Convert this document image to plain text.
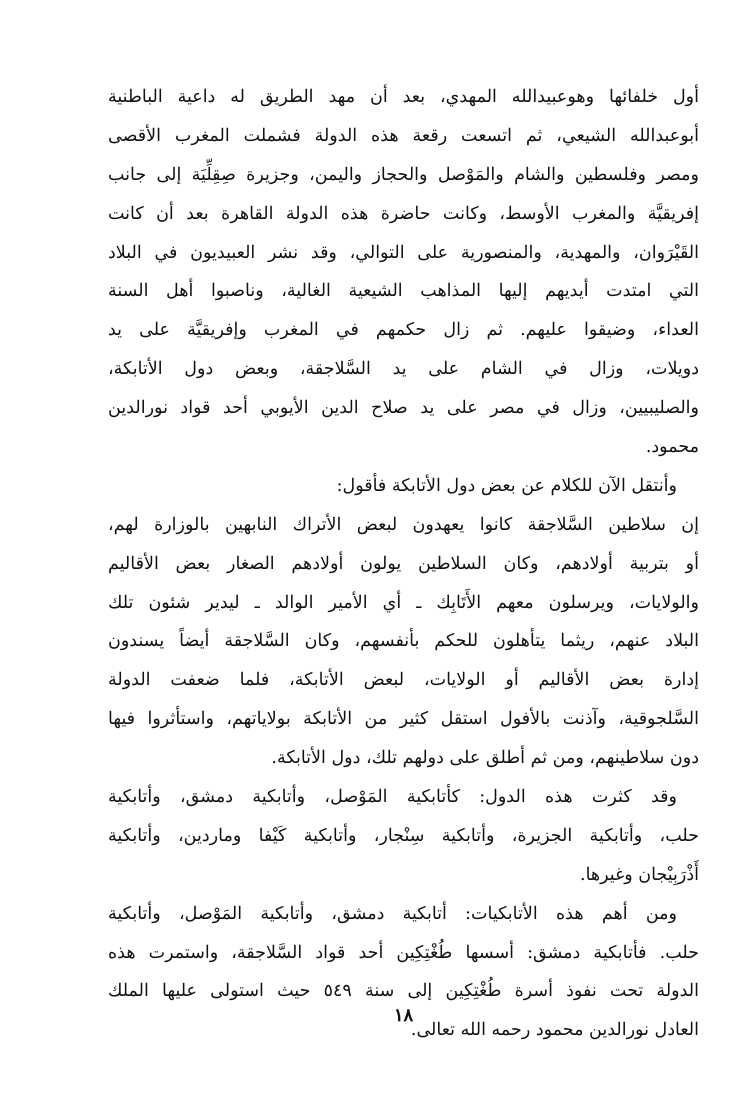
أول خلفائها وهوعبيدالله المهدي، بعد أن مهد الطريق له داعية الباطنية
أبوعبدالله الشيعي، ثم اتسعت رقعة هذه الدولة فشملت المغرب الأقصى
ومصر وفلسطين والشام والمَوْصل والحجاز واليمن، وجزيرة صِقِلِّيَة إلى جانب
إفريقيَّة والمغرب الأوسط، وكانت حاضرة هذه الدولة القاهرة بعد أن كانت
القَيْرَوان، والمهدية، والمنصورية على التوالي، وقد نشر العبيديون في البلاد
التي امتدت أيديهم إليها المذاهب الشيعية الغالية، وناصبوا أهل السنة
العداء، وضيقوا عليهم. ثم زال حكمهم في المغرب وإفريقيَّة على يد
دويلات، وزال في الشام على يد السَّلاجقة، وبعض دول الأتابكة،
والصليبيين، وزال في مصر على يد صلاح الدين الأيوبي أحد قواد نورالدين
محمود.
وأنتقل الآن للكلام عن بعض دول الأتابكة فأقول:
إن سلاطين السَّلاجقة كانوا يعهدون لبعض الأتراك النابهين بالوزارة لهم،
أو بتربية أولادهم، وكان السلاطين يولون أولادهم الصغار بعض الأقاليم
والولايات، ويرسلون معهم الأَتَابِك ـ أي الأمير الوالد ـ ليدير شئون تلك
البلاد عنهم، ريثما يتأهلون للحكم بأنفسهم، وكان السَّلاجقة أيضاً يسندون
إدارة بعض الأقاليم أو الولايات، لبعض الأتابكة، فلما ضعفت الدولة
السَّلجوقية، وآذنت بالأفول استقل كثير من الأتابكة بولاياتهم، واستأثروا فيها
دون سلاطينهم، ومن ثم أطلق على دولهم تلك، دول الأتابكة.
وقد كثرت هذه الدول: كأتابكية المَوْصل، وأتابكية دمشق، وأتابكية
حلب، وأتابكية الجزيرة، وأتابكية سِنْجار، وأتابكية كَيْفا وماردين، وأتابكية
أَذْرَبِيْجان وغيرها.
ومن أهم هذه الأتابكيات: أتابكية دمشق، وأتابكية المَوْصل، وأتابكية
حلب. فأتابكية دمشق: أسسها طُغْتِكِين أحد قواد السَّلاجقة، واستمرت هذه
الدولة تحت نفوذ أسرة طُغْتِكِين إلى سنة ٥٤٩ حيث استولى عليها الملك
العادل نورالدين محمود رحمه الله تعالى.
١٨
